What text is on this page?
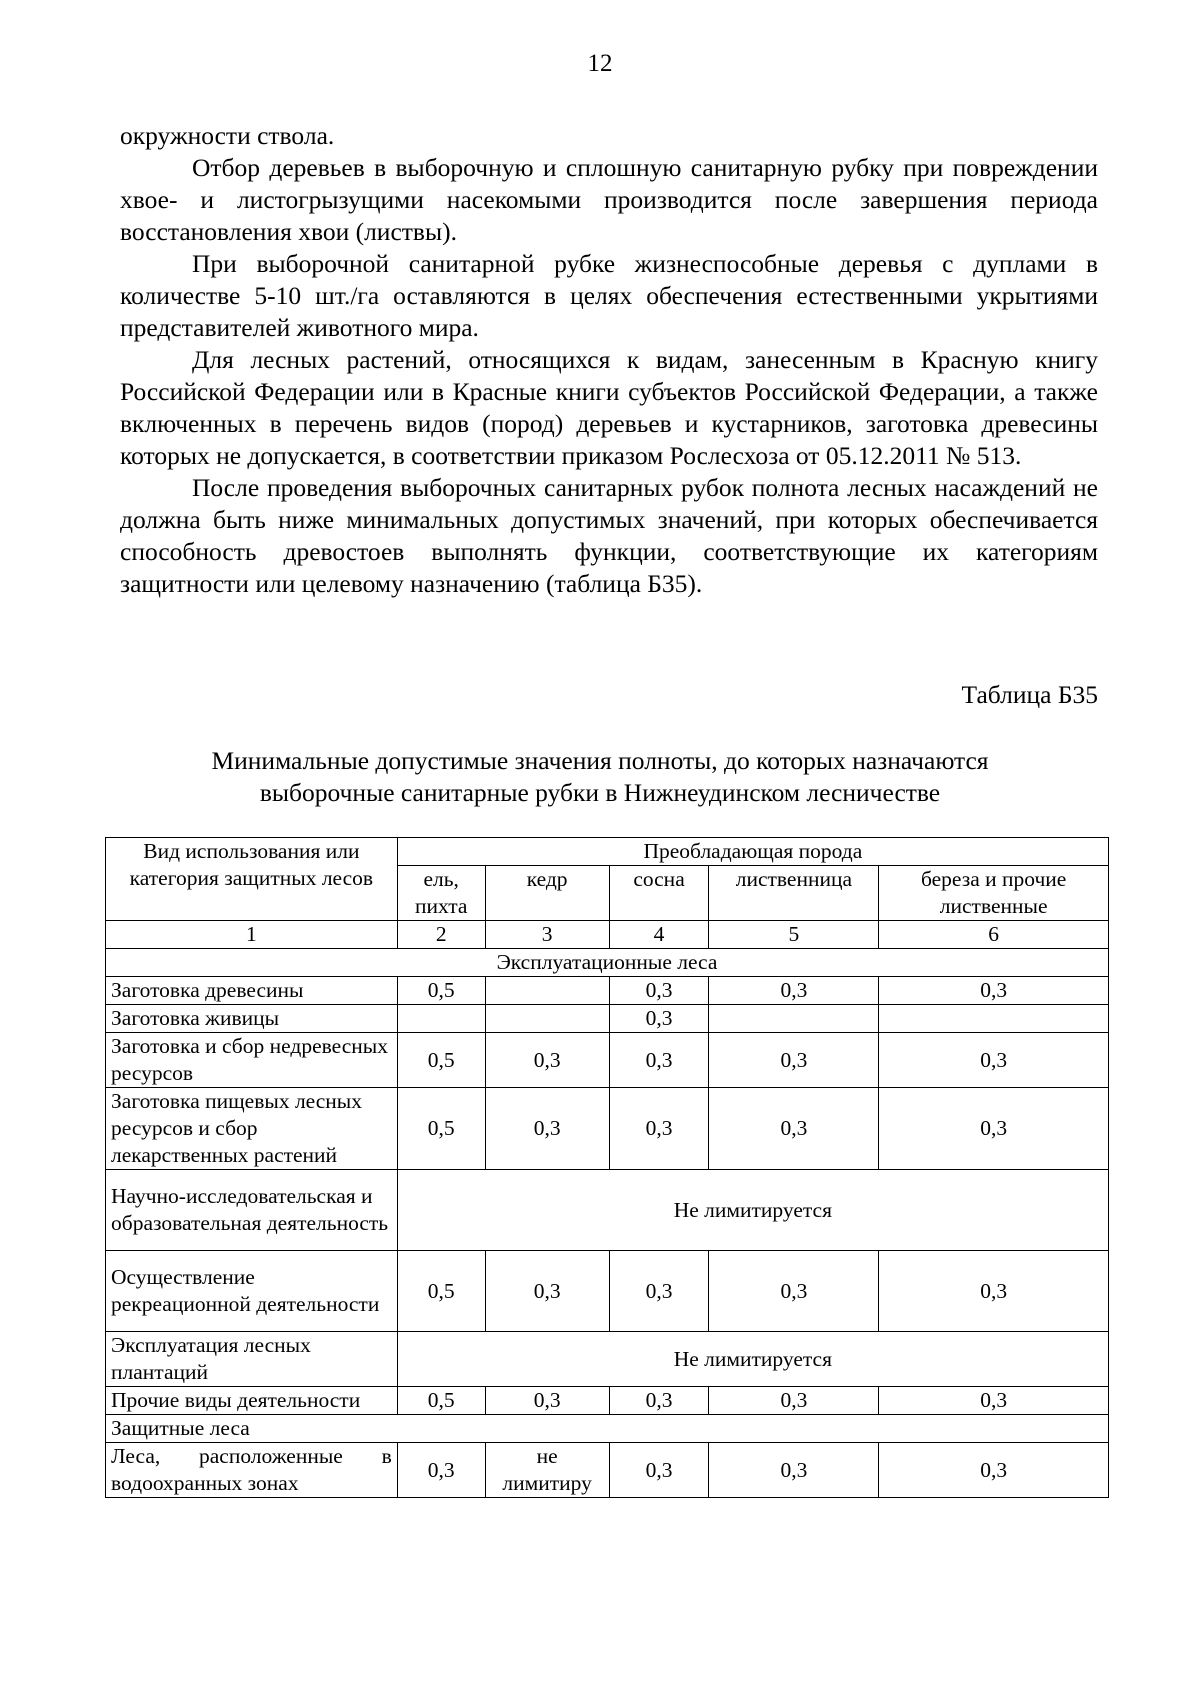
12

окружности ствола.

Отбор деревьев в выборочную и сплошную санитарную рубку при повреждении хвое- и листогрызущими насекомыми производится после завершения периода восстановления хвои (листвы).

При выборочной санитарной рубке жизнеспособные деревья с дуплами в количестве 5-10 шт./га оставляются в целях обеспечения естественными укрытиями представителей животного мира.

Для лесных растений, относящихся к видам, занесенным в Красную книгу Российской Федерации или в Красные книги субъектов Российской Федерации, а также включенных в перечень видов (пород) деревьев и кустарников, заготовка древесины которых не допускается, в соответствии приказом Рослесхоза от 05.12.2011 № 513.

После проведения выборочных санитарных рубок полнота лесных насаждений не должна быть ниже минимальных допустимых значений, при которых обеспечивается способность древостоев выполнять функции, соответствующие их категориям защитности или целевому назначению (таблица Б35).

Таблица Б35
Минимальные допустимые значения полноты, до которых назначаются
выборочные санитарные рубки в Нижнеудинском лесничестве
Вид использования или категория защитных лесов	Преобладающая порода				
	ель, пихта	кедр	сосна	лиственница	береза и прочие лиственные
1	2	3	4	5	6
Эксплуатационные леса					
Заготовка древесины	0,5		0,3	0,3	0,3
Заготовка живицы			0,3		
Заготовка и сбор недревесных ресурсов	0,5	0,3	0,3	0,3	0,3
Заготовка пищевых лесных ресурсов и сбор лекарственных растений	0,5	0,3	0,3	0,3	0,3
Научно-исследовательская и образовательная деятельность	Не лимитируется				
Осуществление рекреационной деятельности	0,5	0,3	0,3	0,3	0,3
Эксплуатация лесных плантаций	Не лимитируется				
Прочие виды деятельности	0,5	0,3	0,3	0,3	0,3
Защитные леса					

Леса, расположенные в
водоохранных зонах	0,3	не лимитиру	0,3	0,3	0,3
